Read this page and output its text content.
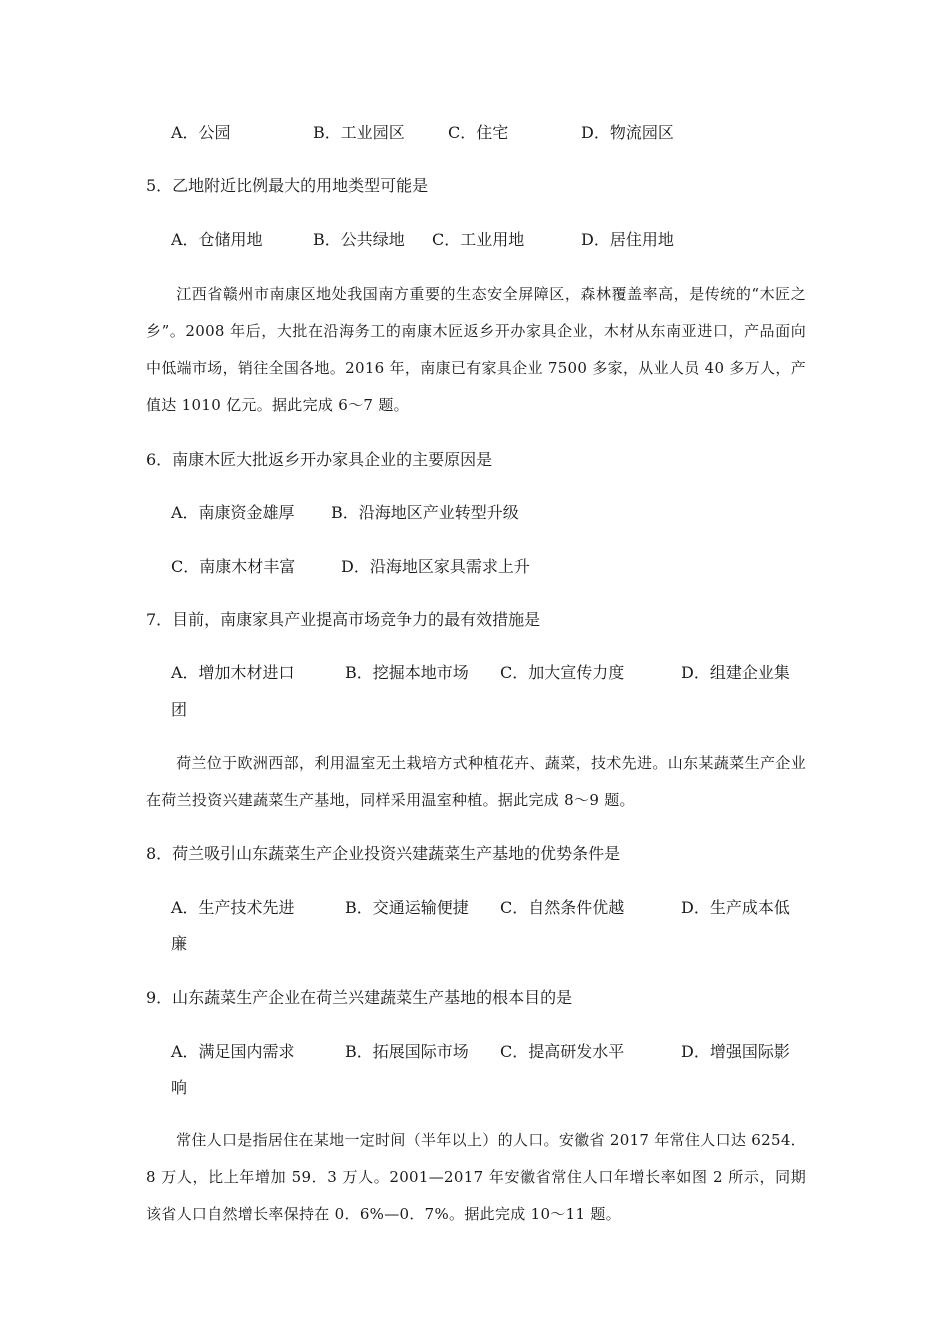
A．公园	B．工业园区	C．住宅	D．物流园区
5．乙地附近比例最大的用地类型可能是
A．仓储用地	B．公共绿地 C．工业用地	D．居住用地
江西省赣州市南康区地处我国南方重要的生态安全屏障区，森林覆盖率高，是传统的“木匠之乡”。2008 年后，大批在沿海务工的南康木匠返乡开办家具企业，木材从东南亚进口，产品面向中低端市场，销往全国各地。2016 年，南康已有家具企业 7500 多家，从业人员 40 多万人，产值达 1010 亿元。据此完成 6～7 题。
6．南康木匠大批返乡开办家具企业的主要原因是
A．南康资金雄厚 B．沿海地区产业转型升级
C．南康木材丰富	D．沿海地区家具需求上升
7．目前，南康家具产业提高市场竞争力的最有效措施是
A．增加木材进口	B．挖掘本地市场 C．加大宣传力度	D．组建企业集
团
荷兰位于欧洲西部，利用温室无土栽培方式种植花卉、蔬菜，技术先进。山东某蔬菜生产企业在荷兰投资兴建蔬菜生产基地，同样采用温室种植。据此完成 8～9 题。
8．荷兰吸引山东蔬菜生产企业投资兴建蔬菜生产基地的优势条件是
A．生产技术先进	B．交通运输便捷 C．自然条件优越	D．生产成本低
廉
9．山东蔬菜生产企业在荷兰兴建蔬菜生产基地的根本目的是
A．满足国内需求	B．拓展国际市场 C．提高研发水平	D．增强国际影
响
常住人口是指居住在某地一定时间（半年以上）的人口。安徽省 2017 年常住人口达 6254．8 万人，比上年增加 59．3 万人。2001—2017 年安徽省常住人口年增长率如图 2 所示，同期该省人口自然增长率保持在 0．6%—0．7%。据此完成 10～11 题。
